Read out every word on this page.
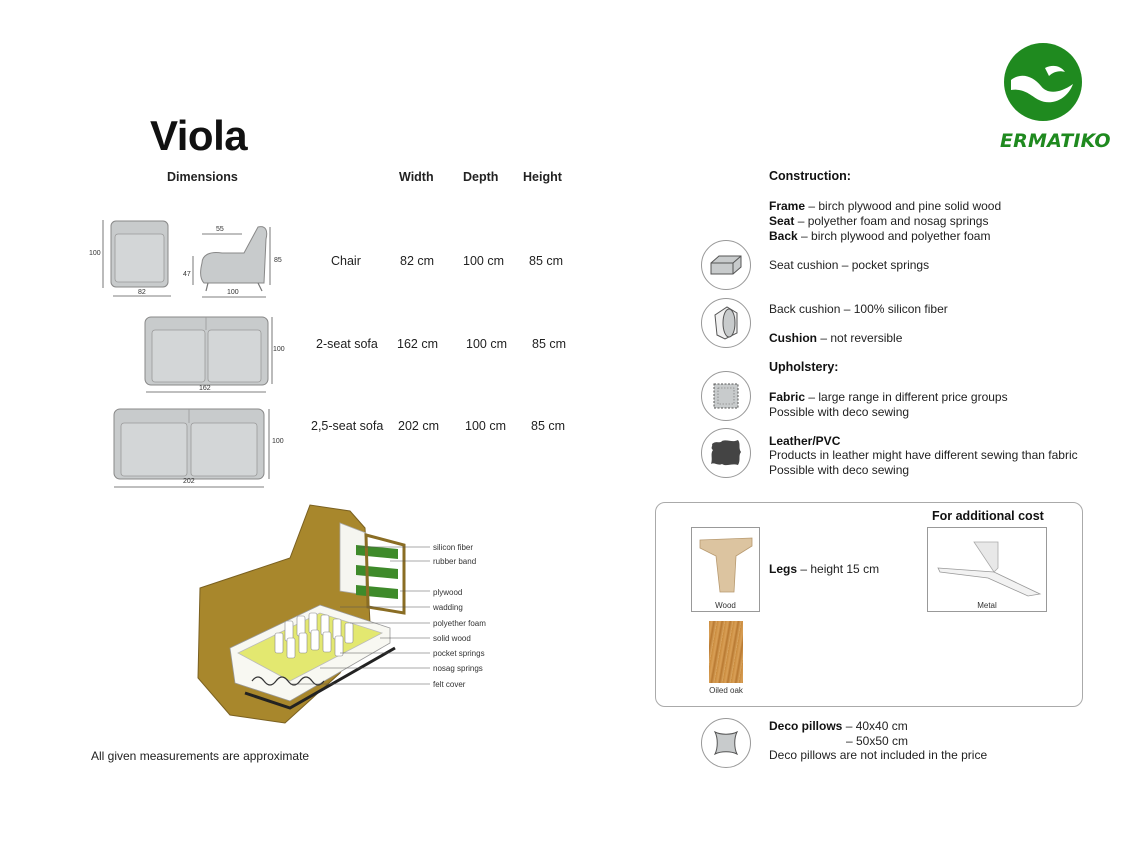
ERMATIKO
Viola
Dimensions	Width Depth Height
100
82
55
47
85
100
100
162
100
202
Chair	82 cm 100 cm 85 cm
2-seat sofa 162 cm 100 cm 85 cm
2,5-seat sofa 202 cm 100 cm 85 cm
silicon fiber
rubber band
plywood
wadding
polyether foam
solid wood
pocket springs
nosag springs
felt cover
All given measurements are approximate
Construction:
Frame – birch plywood and pine solid wood
Seat – polyether foam and nosag springs
Back – birch plywood and polyether foam
Seat cushion – pocket springs
Back cushion – 100% silicon fiber
Cushion – not reversible
Upholstery:
Fabric – large range in different price groups
Possible with deco sewing
Leather/PVC
Products in leather might have different sewing than fabric
Possible with deco sewing
For additional cost
Wood
Legs – height 15 cm
Metal
Oiled oak
Deco pillows – 40x40 cm
– 50x50 cm
Deco pillows are not included in the price
